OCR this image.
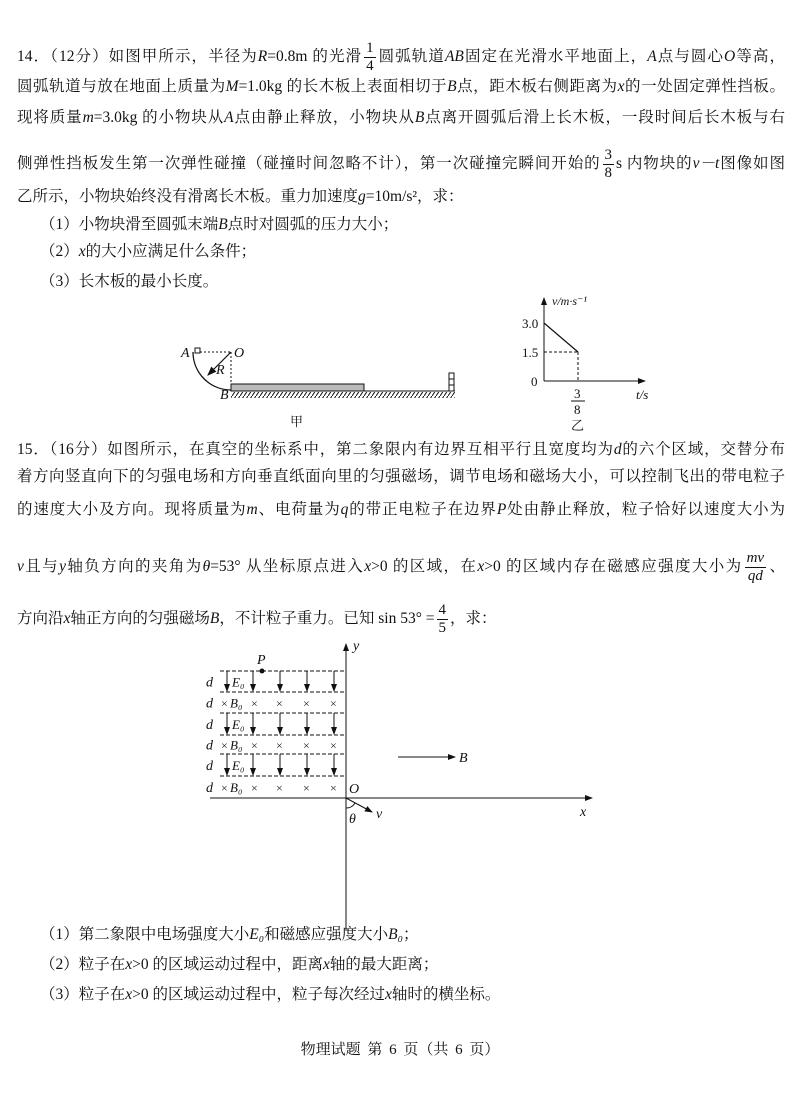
14．（12分）如图甲所示，半径为R=0.8m 的光滑 $\frac{1}{4}$ 圆弧轨道AB固定在光滑水平地面上，A点与圆心O等高，
圆弧轨道与放在地面上质量为M=1.0kg 的长木板上表面相切于B点，距木板右侧距离为x的一处固定弹性挡板。
现将质量m=3.0kg 的小物块从A点由静止释放，小物块从B点离开圆弧后滑上长木板，一段时间后长木板与右
侧弹性挡板发生第一次弹性碰撞（碰撞时间忽略不计），第一次碰撞完瞬间开始的 $\frac{3}{8}$ s 内物块的v－t图像如图
乙所示，小物块始终没有滑离长木板。重力加速度g=10m/s²，求：
（1）小物块滑至圆弧末端B点时对圆弧的压力大小；
（2）x的大小应满足什么条件；
（3）长木板的最小长度。
A	O
R
B
甲
v/m·s⁻¹
3.0
1.5
0
t/s
3
8
乙
15．（16分）如图所示，在真空的坐标系中，第二象限内有边界互相平行且宽度均为d的六个区域，交替分布
着方向竖直向下的匀强电场和方向垂直纸面向里的匀强磁场，调节电场和磁场大小，可以控制飞出的带电粒子
的速度大小及方向。现将质量为m、电荷量为q的带正电粒子在边界P处由静止释放，粒子恰好以速度大小为
v且与y轴负方向的夹角为θ=53° 从坐标原点进入x>0 的区域，在x>0 的区域内存在磁感应强度大小为 $\frac{mv}{qd}$ 、
方向沿x轴正方向的匀强磁场B，不计粒子重力。已知 $\sin 53^\circ = \frac{4}{5}$ ，求：
d E₀
d × B₀ × × × ×
d E₀
d × B₀ × × × ×
d E₀
d × B₀ × × × ×
P
B
O
y
x
θ v
（1）第二象限中电场强度大小E₀和磁感应强度大小B₀；
（2）粒子在x>0 的区域运动过程中，距离x轴的最大距离；
（3）粒子在x>0 的区域运动过程中，粒子每次经过x轴时的横坐标。
物理试题 第 6 页（共 6 页）
